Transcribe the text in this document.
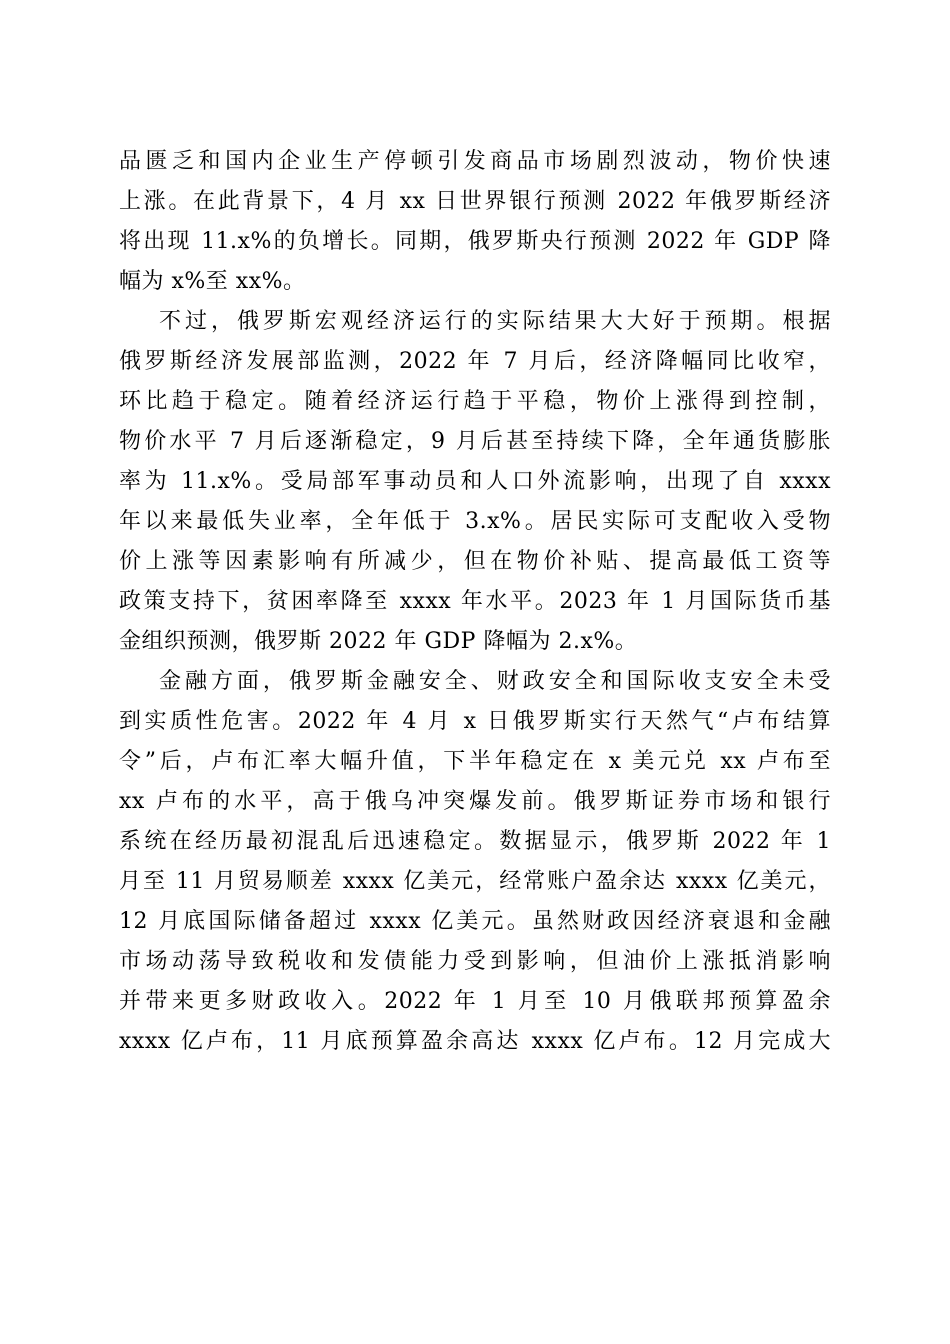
品匮乏和国内企业生产停顿引发商品市场剧烈波动，物价快速
上涨。在此背景下，4 月 xx 日世界银行预测 2022 年俄罗斯经济
将出现 11.x%的负增长。同期，俄罗斯央行预测 2022 年 GDP 降
幅为 x%至 xx%。
不过，俄罗斯宏观经济运行的实际结果大大好于预期。根据
俄罗斯经济发展部监测，2022 年 7 月后，经济降幅同比收窄，
环比趋于稳定。随着经济运行趋于平稳，物价上涨得到控制，
物价水平 7 月后逐渐稳定，9 月后甚至持续下降，全年通货膨胀
率为 11.x%。受局部军事动员和人口外流影响，出现了自 xxxx
年以来最低失业率，全年低于 3.x%。居民实际可支配收入受物
价上涨等因素影响有所减少，但在物价补贴、提高最低工资等
政策支持下，贫困率降至 xxxx 年水平。2023 年 1 月国际货币基
金组织预测，俄罗斯 2022 年 GDP 降幅为 2.x%。
金融方面，俄罗斯金融安全、财政安全和国际收支安全未受
到实质性危害。2022 年 4 月 x 日俄罗斯实行天然气“卢布结算
令”后，卢布汇率大幅升值，下半年稳定在 x 美元兑 xx 卢布至
xx 卢布的水平，高于俄乌冲突爆发前。俄罗斯证券市场和银行
系统在经历最初混乱后迅速稳定。数据显示，俄罗斯 2022 年 1
月至 11 月贸易顺差 xxxx 亿美元，经常账户盈余达 xxxx 亿美元，
12 月底国际储备超过 xxxx 亿美元。虽然财政因经济衰退和金融
市场动荡导致税收和发债能力受到影响，但油价上涨抵消影响
并带来更多财政收入。2022 年 1 月至 10 月俄联邦预算盈余
xxxx 亿卢布，11 月底预算盈余高达 xxxx 亿卢布。12 月完成大
